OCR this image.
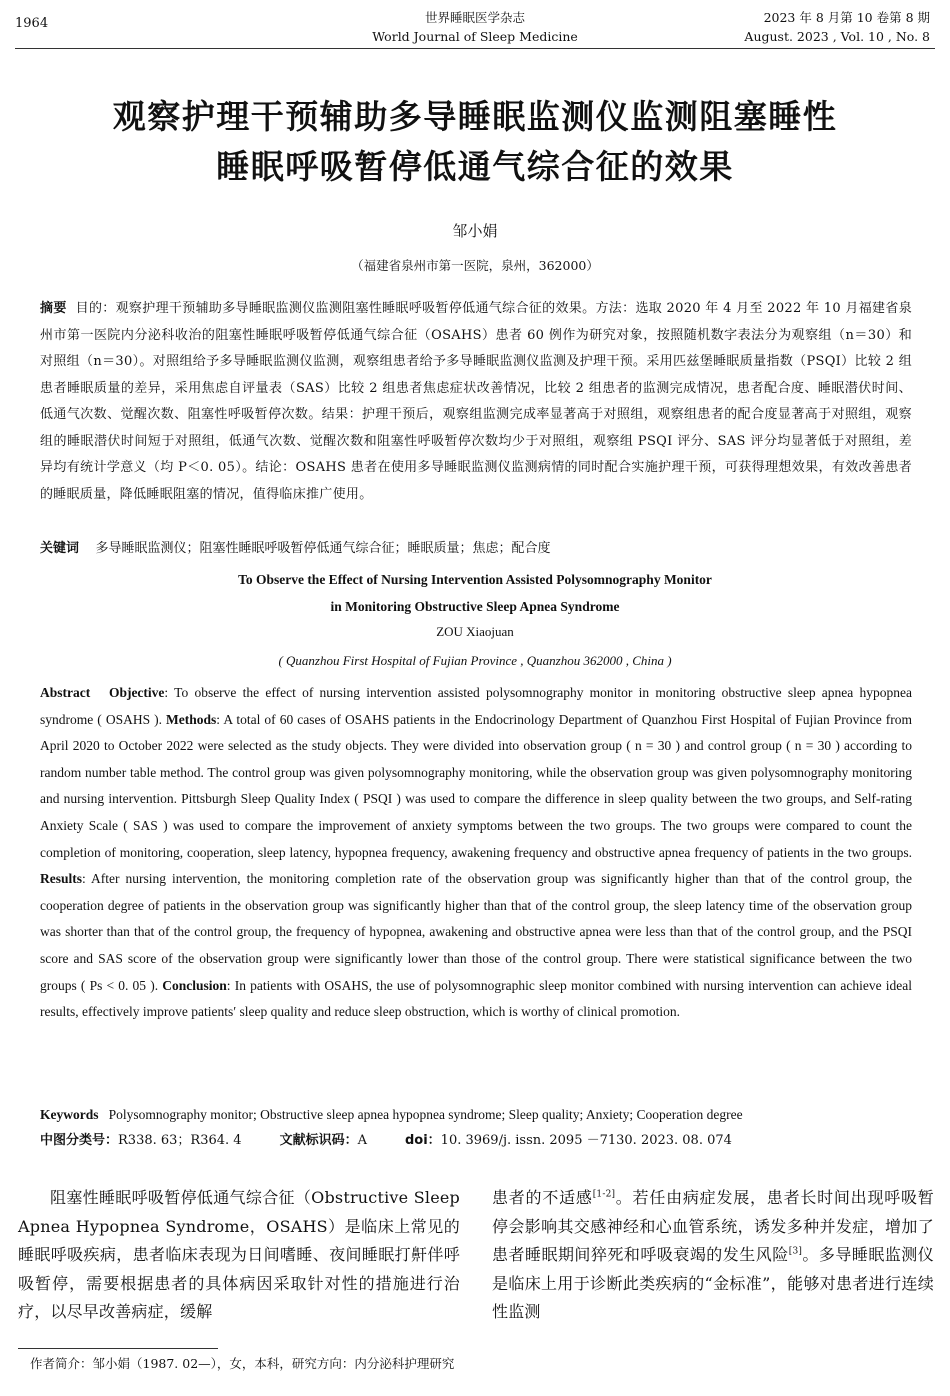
1964	世界睡眠医学杂志
World Journal of Sleep Medicine
2023 年 8 月第 10 卷第 8 期
August. 2023 , Vol. 10 , No. 8
观察护理干预辅助多导睡眠监测仪监测阻塞睡性
睡眠呼吸暂停低通气综合征的效果
邹小娟
（福建省泉州市第一医院，泉州，362000）
摘要 目的：观察护理干预辅助多导睡眠监测仪监测阻塞性睡眠呼吸暂停低通气综合征的效果。方法：选取 2020 年 4 月至 2022 年 10 月福建省泉州市第一医院内分泌科收治的阻塞性睡眠呼吸暂停低通气综合征（OSAHS）患者 60 例作为研究对象，按照随机数字表法分为观察组（n＝30）和对照组（n＝30）。对照组给予多导睡眠监测仪监测，观察组患者给予多导睡眠监测仪监测及护理干预。采用匹兹堡睡眠质量指数（PSQI）比较 2 组患者睡眠质量的差异，采用焦虑自评量表（SAS）比较 2 组患者焦虑症状改善情况，比较 2 组患者的监测完成情况，患者配合度、睡眠潜伏时间、低通气次数、觉醒次数、阻塞性呼吸暂停次数。结果：护理干预后，观察组监测完成率显著高于对照组，观察组患者的配合度显著高于对照组，观察组的睡眠潜伏时间短于对照组，低通气次数、觉醒次数和阻塞性呼吸暂停次数均少于对照组，观察组 PSQI 评分、SAS 评分均显著低于对照组，差异均有统计学意义（均 P＜0. 05）。结论：OSAHS 患者在使用多导睡眠监测仪监测病情的同时配合实施护理干预，可获得理想效果，有效改善患者的睡眠质量，降低睡眠阻塞的情况，值得临床推广使用。
关键词 多导睡眠监测仪；阻塞性睡眠呼吸暂停低通气综合征；睡眠质量；焦虑；配合度
To Observe the Effect of Nursing Intervention Assisted Polysomnography Monitor
in Monitoring Obstructive Sleep Apnea Syndrome
ZOU Xiaojuan
( Quanzhou First Hospital of Fujian Province , Quanzhou 362000 , China )
Abstract Objective: To observe the effect of nursing intervention assisted polysomnography monitor in monitoring obstructive sleep apnea hypopnea syndrome ( OSAHS ). Methods: A total of 60 cases of OSAHS patients in the Endocrinology Department of Quanzhou First Hospital of Fujian Province from April 2020 to October 2022 were selected as the study objects. They were divided into observation group ( n = 30 ) and control group ( n = 30 ) according to random number table method. The control group was given polysomnography monitoring, while the observation group was given polysomnography monitoring and nursing intervention. Pittsburgh Sleep Quality Index ( PSQI ) was used to compare the difference in sleep quality between the two groups, and Self-rating Anxiety Scale ( SAS ) was used to compare the improvement of anxiety symptoms between the two groups. The two groups were compared to count the completion of monitoring, cooperation, sleep latency, hypopnea frequency, awakening frequency and obstructive apnea frequency of patients in the two groups. Results: After nursing intervention, the monitoring completion rate of the observation group was significantly higher than that of the control group, the cooperation degree of patients in the observation group was significantly higher than that of the control group, the sleep latency time of the observation group was shorter than that of the control group, the frequency of hypopnea, awakening and obstructive apnea were less than that of the control group, and the PSQI score and SAS score of the observation group were significantly lower than those of the control group. There were statistical significance between the two groups ( Ps < 0. 05 ). Conclusion: In patients with OSAHS, the use of polysomnographic sleep monitor combined with nursing intervention can achieve ideal results, effectively improve patients′ sleep quality and reduce sleep obstruction, which is worthy of clinical promotion.
Keywords Polysomnography monitor; Obstructive sleep apnea hypopnea syndrome; Sleep quality; Anxiety; Cooperation degree
中图分类号：R338. 63；R364. 4	文献标识码：A	doi：10. 3969/j. issn. 2095 －7130. 2023. 08. 074
阻塞性睡眠呼吸暂停低通气综合征（Obstructive Sleep Apnea Hypopnea Syndrome，OSAHS）是临床上常见的睡眠呼吸疾病，患者临床表现为日间嗜睡、夜间睡眠打鼾伴呼吸暂停，需要根据患者的具体病因采取针对性的措施进行治疗，以尽早改善病症，缓解
患者的不适感[1-2]。若任由病症发展，患者长时间出现呼吸暂停会影响其交感神经和心血管系统，诱发多种并发症，增加了患者睡眠期间猝死和呼吸衰竭的发生风险[3]。多导睡眠监测仪是临床上用于诊断此类疾病的“金标准”，能够对患者进行连续性监测
作者简介：邹小娟（1987. 02—），女，本科，研究方向：内分泌科护理研究
